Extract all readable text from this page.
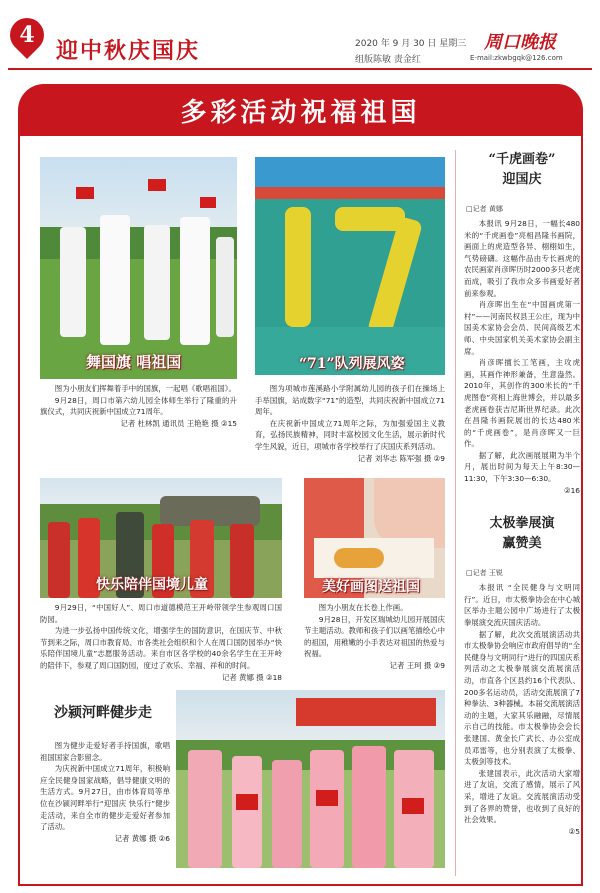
4
迎中秋庆国庆	2020 年 9 月 30 日 星期三
组版陈敏 责金红
周口晚报
E-mail:zkwbgqk@126.com
多彩活动祝福祖国
舞国旗 唱祖国	“71”队列展风姿

图为小朋友们挥舞着手中的国旗，一起唱《歌唱祖国》。

9月28日，周口市第六幼儿园全体师生举行了隆重的升旗仪式，共同庆祝新中国成立71周年。

记者 杜林凯 通讯员 王艳艳 摄 ②15

图为项城市莲溪路小学附属幼儿园的孩子们在操场上手举国旗，站成数字“71”的造型，共同庆祝新中国成立71周年。

在庆祝新中国成立71周年之际，为加强爱国主义教育，弘扬民族精神，同时丰富校园文化生活，展示新时代学生风貌，近日，项城市各学校举行了庆国庆系列活动。

记者 刘华志 陈军强 摄 ②9
快乐陪伴国境儿童	美好画图送祖国

9月29日，“中国好人”、周口市道德模范王开岭带领学生参观周口国防园。

为进一步弘扬中国传统文化，增强学生的国防意识，在国庆节、中秋节到来之际，周口市教育局、市各类社会组织和个人在周口国防园举办“快乐陪伴国境儿童”志愿服务活动。来自市区各学校的40余名学生在王开岭的陪伴下，参观了周口国防园，度过了欢乐、幸福、祥和的时间。

记者 黄娜 摄 ②18

图为小朋友在长卷上作画。

9月28日，开发区瑞城幼儿园开展国庆节主题活动。教师和孩子们以画笔描绘心中的祖国，用稚嫩的小手表达对祖国的热爱与祝福。

记者 王珂 摄 ②9
沙颍河畔健步走

图为健步走爱好者手持国旗，歌唱祖国国家合影留念。

为庆祝新中国成立71周年，积极响应全民健身国家战略，倡导健康文明的生活方式。9月27日，由市体育局等单位在沙颍河畔举行“迎国庆 快乐行”健步走活动，来自全市的健步走爱好者参加了活动。

记者 黄娜 摄 ②6
“千虎画卷”
迎国庆
□记者 黄娜

本报讯 9月28日，一幅长480米的“千虎画卷”亮相昌隆书画院，画面上的虎造型各异、栩栩如生，气势磅礴。这幅作品由专长画虎的农民画家肖彦晖历时2000多只老虎而成，吸引了我市众多书画爱好者前来参观。

肖彦晖出生在“中国画虎第一村”——河南民权县王公庄，现为中国美术家协会会员、民间高级艺术师、中央国家机关美术家协会副主席。

肖彦晖擅长工笔画，主攻虎画，其画作神形兼备，生意盎然。2010年，其创作的300米长的“千虎图卷”亮相上海世博会，并以最多老虎画卷获吉尼斯世界纪录。此次在昌隆书画院展出的长达480米的“千虎画卷”，是肖彦晖又一巨作。

据了解，此次画展展期为半个月，展出时间为每天上午8:30—11:30，下午3:30—6:30。

②16
太极拳展演
赢赞美
□记者 王锐

本报讯 “全民健身与文明同行”。近日，市太极拳协会在中心城区举办主题公园中广场进行了太极拳展演交流庆国庆活动。

据了解，此次交流展演活动共市太极拳协会响应市政府倡导的“全民健身与文明同行”进行的四国庆系列活动之太极拳展演交流展演活动，市直各个区县约16个代表队、200多名运动员，活动交流展演了7种拳法、3种器械。本届交流展演活动的主题，大家其乐融融，尽情展示自己的技能。市太极拳协会会长张建国、黄金长广武长、办公室成员邓雷等，也分别表演了太极拳、太极剑等技术。

张建国表示，此次活动大家增进了友谊，交流了感情，展示了风采，增进了友谊。交流展演活动受到了各界的赞誉，也收到了良好的社会效果。

②5
